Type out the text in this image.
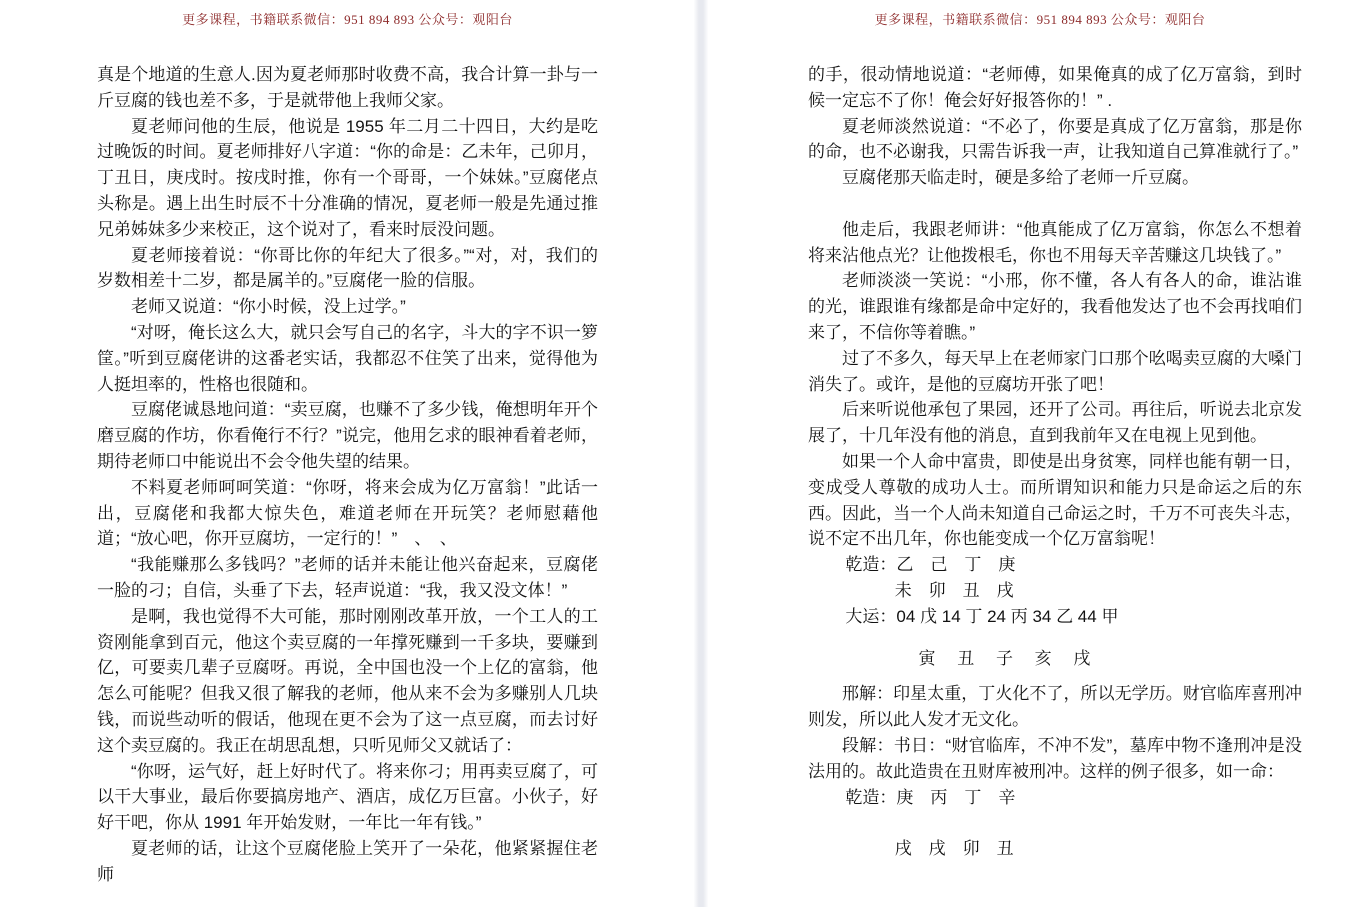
更多课程，书籍联系微信：951 894 893 公众号：观阳台
真是个地道的生意人.因为夏老师那时收费不高，我合计算一卦与一斤豆腐的钱也差不多，于是就带他上我师父家。
夏老师问他的生辰，他说是 1955 年二月二十四日，大约是吃过晚饭的时间。夏老师排好八字道：“你的命是：乙未年，己卯月，丁丑日，庚戌时。按戌时推，你有一个哥哥，一个妹妹。”豆腐佬点头称是。遇上出生时辰不十分准确的情况，夏老师一般是先通过推兄弟姊妹多少来校正，这个说对了，看来时辰没问题。
夏老师接着说：“你哥比你的年纪大了很多。”“对，对，我们的岁数相差十二岁，都是属羊的。”豆腐佬一脸的信服。
老师又说道：“你小时候，没上过学。”
“对呀，俺长这么大，就只会写自己的名字，斗大的字不识一箩筐。”听到豆腐佬讲的这番老实话，我都忍不住笑了出来，觉得他为人挺坦率的，性格也很随和。
豆腐佬诚恳地问道：“卖豆腐，也赚不了多少钱，俺想明年开个磨豆腐的作坊，你看俺行不行？”说完，他用乞求的眼神看着老师，期待老师口中能说出不会令他失望的结果。
不料夏老师呵呵笑道：“你呀，将来会成为亿万富翁！”此话一出，豆腐佬和我都大惊失色，难道老师在开玩笑？老师慰藉他道；“放心吧，你开豆腐坊，一定行的！”　、　、
“我能赚那么多钱吗？”老师的话并未能让他兴奋起来，豆腐佬一脸的刁；自信，头垂了下去，轻声说道：“我，我又没文体！”
是啊，我也觉得不大可能，那时刚刚改革开放，一个工人的工资刚能拿到百元，他这个卖豆腐的一年撑死赚到一千多块，要赚到亿，可要卖几辈子豆腐呀。再说，全中国也没一个上亿的富翁，他怎么可能呢？但我又很了解我的老师，他从来不会为多赚别人几块钱，而说些动听的假话，他现在更不会为了这一点豆腐，而去讨好这个卖豆腐的。我正在胡思乱想，只听见师父又就话了：
“你呀，运气好，赶上好时代了。将来你刁；用再卖豆腐了，可以干大事业，最后你要搞房地产、酒店，成亿万巨富。小伙子，好好干吧，你从 1991 年开始发财，一年比一年有钱。”
夏老师的话，让这个豆腐佬脸上笑开了一朵花，他紧紧握住老师
更多课程，书籍联系微信：951 894 893 公众号：观阳台
的手，很动情地说道：“老师傅，如果俺真的成了亿万富翁，到时候一定忘不了你！俺会好好报答你的！” .
夏老师淡然说道：“不必了，你要是真成了亿万富翁，那是你的命，也不必谢我，只需告诉我一声，让我知道自己算准就行了。”
豆腐佬那天临走时，硬是多给了老师一斤豆腐。
他走后，我跟老师讲：“他真能成了亿万富翁，你怎么不想着将来沾他点光？让他拨根毛，你也不用每天辛苦赚这几块钱了。”
老师淡淡一笑说：“小邢，你不懂，各人有各人的命，谁沾谁的光，谁跟谁有缘都是命中定好的，我看他发达了也不会再找咱们来了，不信你等着瞧。”
过了不多久，每天早上在老师家门口那个吆喝卖豆腐的大嗓门消失了。或许，是他的豆腐坊开张了吧！
后来听说他承包了果园，还开了公司。再往后，听说去北京发展了，十几年没有他的消息，直到我前年又在电视上见到他。
如果一个人命中富贵，即使是出身贫寒，同样也能有朝一日，变成受人尊敬的成功人士。而所谓知识和能力只是命运之后的东西。因此，当一个人尚未知道自己命运之时，千万不可丧失斗志，说不定不出几年，你也能变成一个亿万富翁呢！
乾造：乙　己　丁　庚
未　卯　丑　戌
大运：04 戊 14 丁 24 丙 34 乙 44 甲
寅　 丑　 子　 亥　 戌
邢解：印星太重，丁火化不了，所以无学历。财官临库喜刑冲则发，所以此人发才无文化。
段解：书日：“财官临库，不冲不发”，墓库中物不逢刑冲是没法用的。故此造贵在丑财库被刑冲。这样的例子很多，如一命：
乾造：庚　丙　丁　辛
戌　戌　卯　丑
